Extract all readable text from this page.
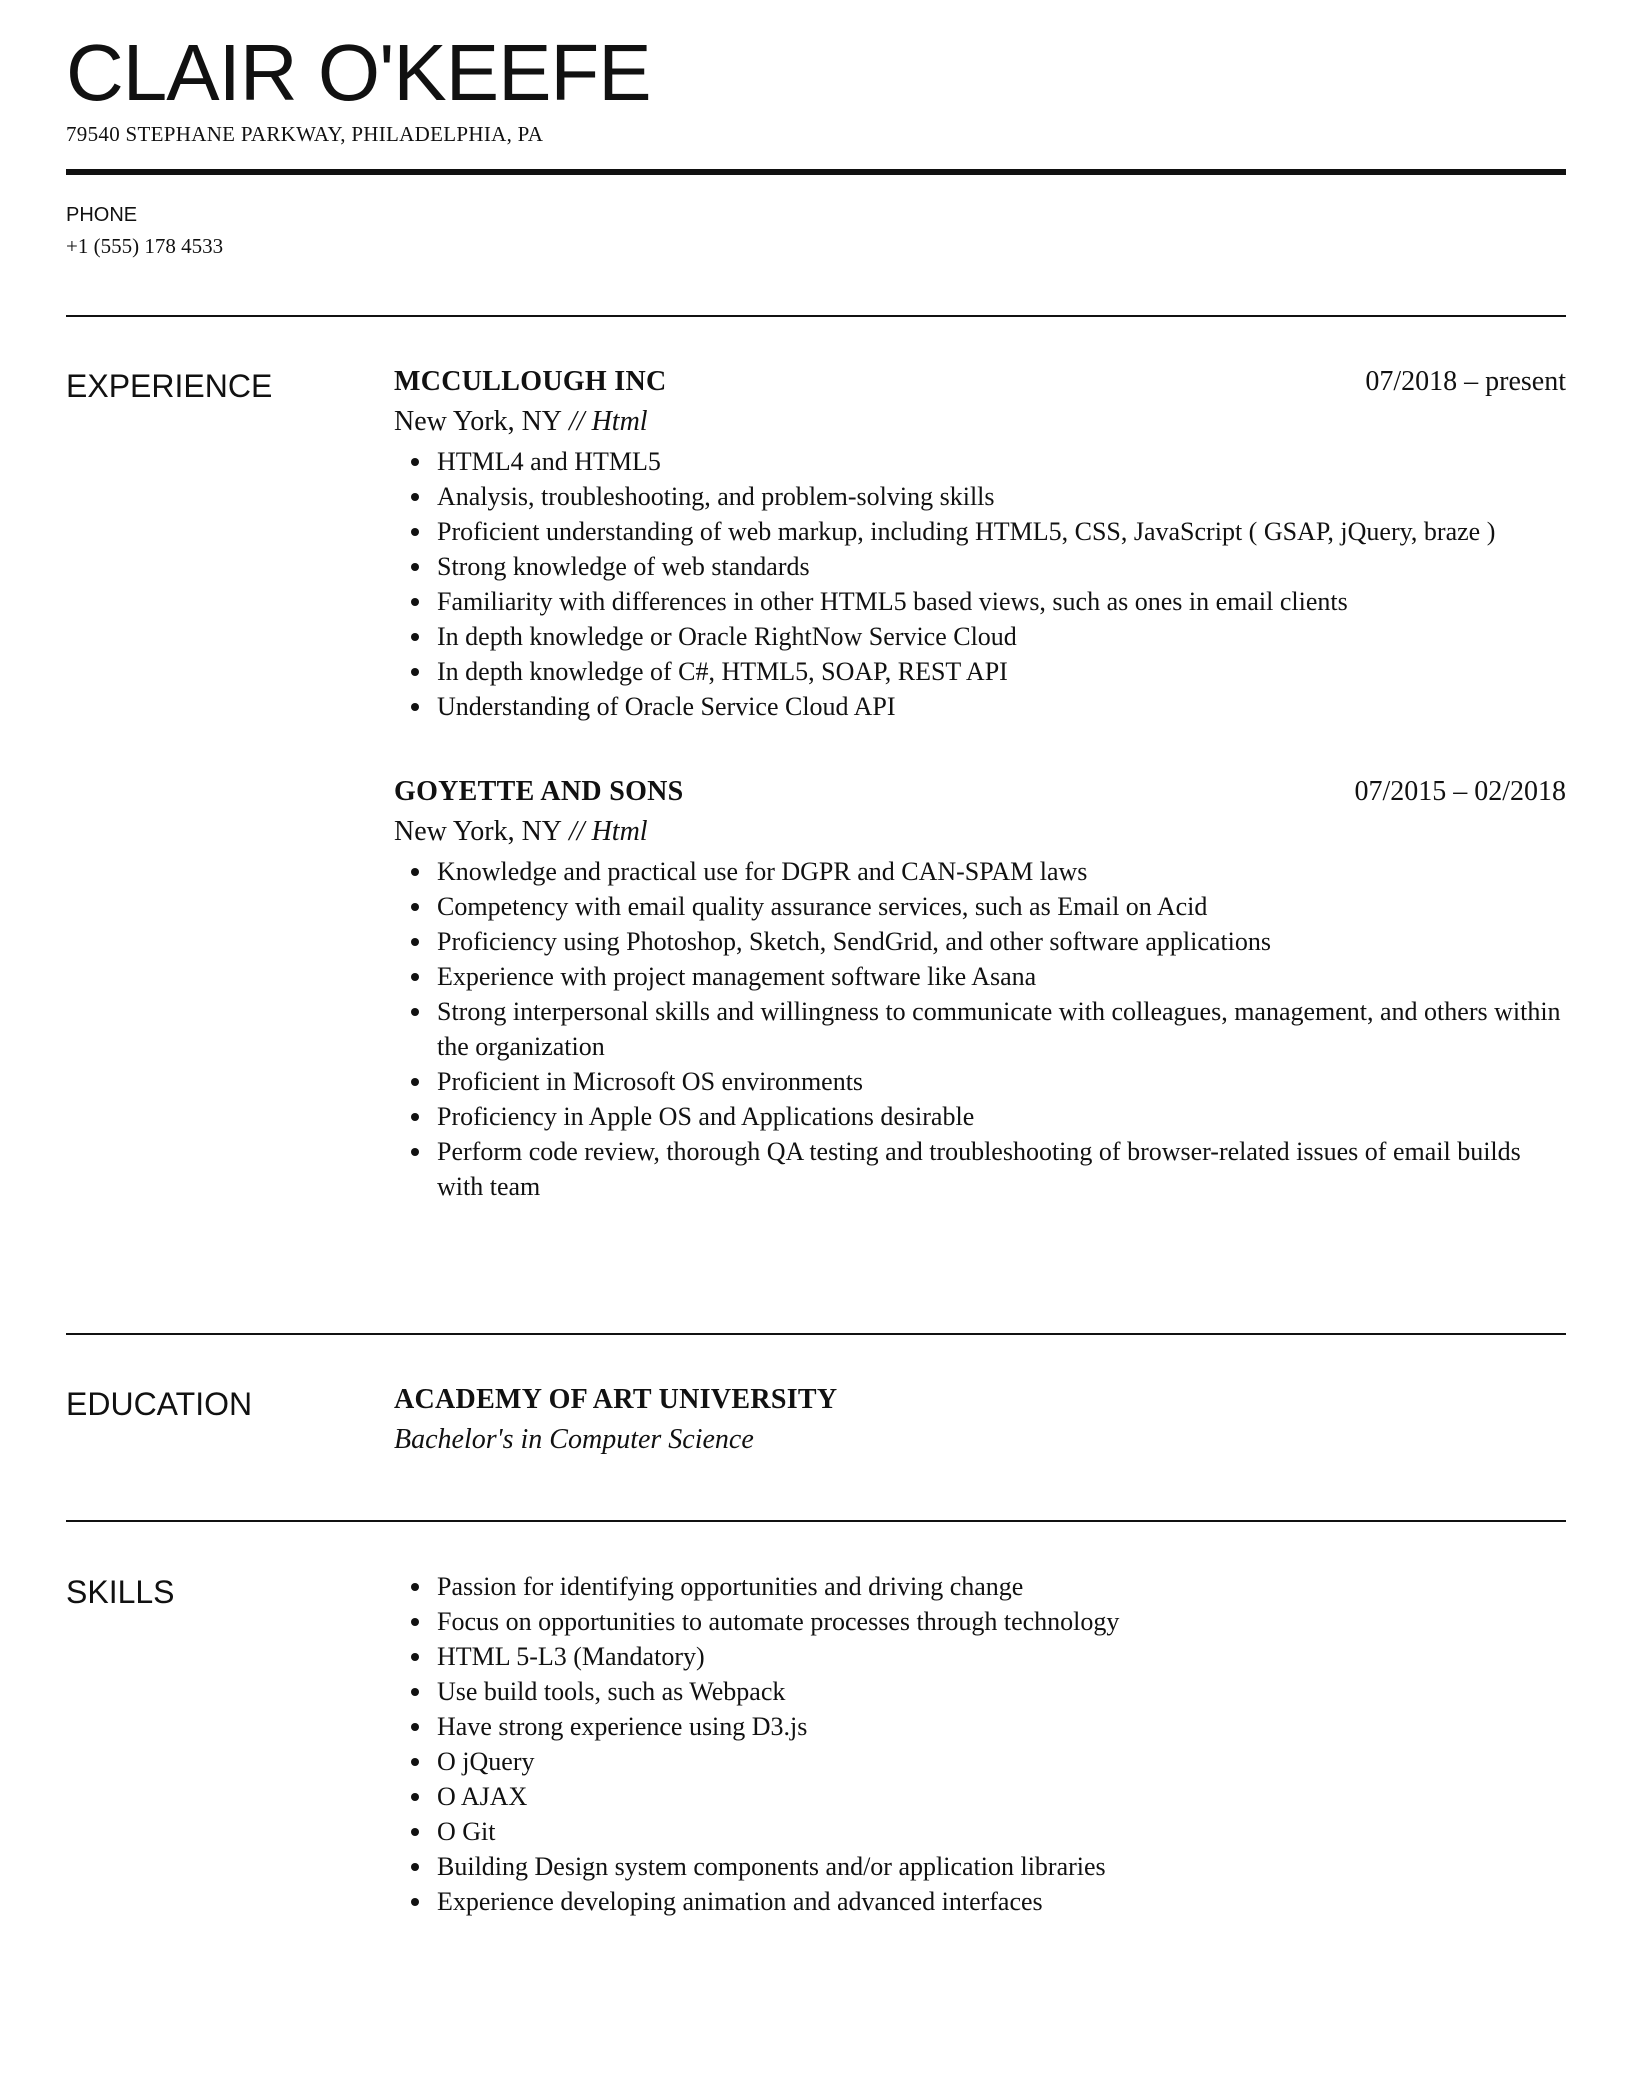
CLAIR O'KEEFE
79540 STEPHANE PARKWAY, PHILADELPHIA, PA
PHONE
+1 (555) 178 4533
EXPERIENCE	MCCULLOUGH INC	07/2018 – present
New York, NY // Html
HTML4 and HTML5
Analysis, troubleshooting, and problem-solving skills
Proficient understanding of web markup, including HTML5, CSS, JavaScript ( GSAP, jQuery, braze )
Strong knowledge of web standards
Familiarity with differences in other HTML5 based views, such as ones in email clients
In depth knowledge or Oracle RightNow Service Cloud
In depth knowledge of C#, HTML5, SOAP, REST API
Understanding of Oracle Service Cloud API
GOYETTE AND SONS	07/2015 – 02/2018
New York, NY // Html
Knowledge and practical use for DGPR and CAN-SPAM laws
Competency with email quality assurance services, such as Email on Acid
Proficiency using Photoshop, Sketch, SendGrid, and other software applications
Experience with project management software like Asana
Strong interpersonal skills and willingness to communicate with colleagues, management, and others within the organization
Proficient in Microsoft OS environments
Proficiency in Apple OS and Applications desirable
Perform code review, thorough QA testing and troubleshooting of browser-related issues of email builds with team
EDUCATION	ACADEMY OF ART UNIVERSITY
Bachelor's in Computer Science
SKILLS	Passion for identifying opportunities and driving change
Focus on opportunities to automate processes through technology
HTML 5-L3 (Mandatory)
Use build tools, such as Webpack
Have strong experience using D3.js
O jQuery
O AJAX
O Git
Building Design system components and/or application libraries
Experience developing animation and advanced interfaces
